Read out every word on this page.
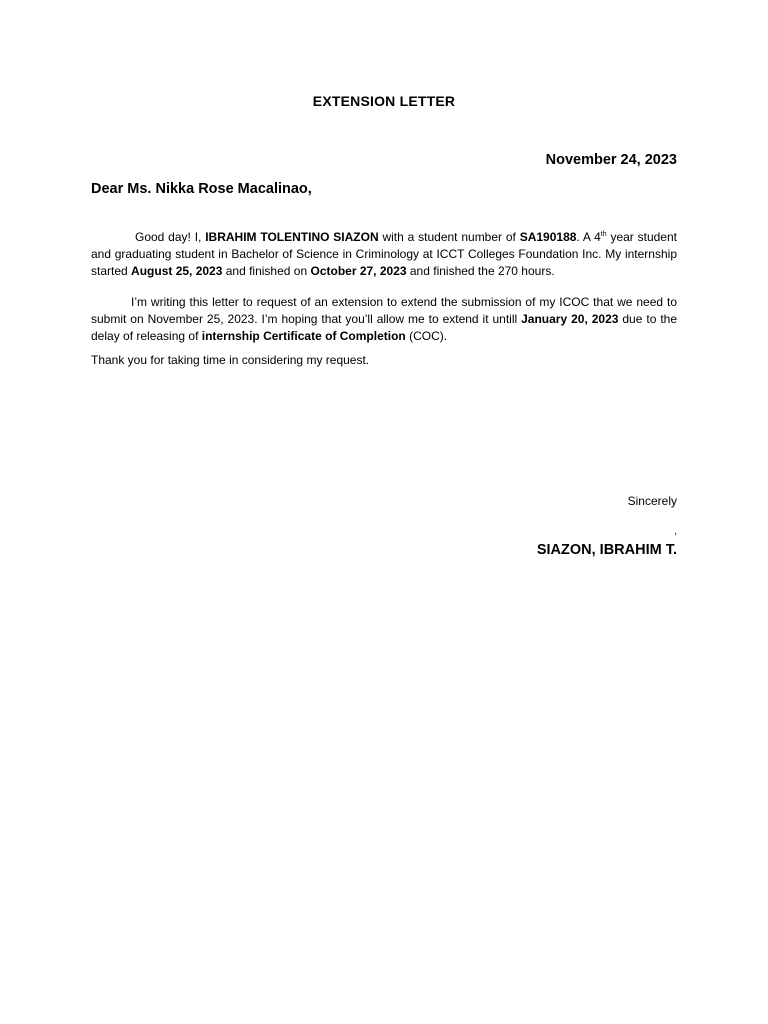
EXTENSION LETTER
November 24, 2023
Dear Ms. Nikka Rose Macalinao,

Good day! I, IBRAHIM TOLENTINO SIAZON with a student number of SA190188. A 4th year student and graduating student in Bachelor of Science in Criminology at ICCT Colleges Foundation Inc. My internship started August 25, 2023 and finished on October 27, 2023 and finished the 270 hours.

I’m writing this letter to request of an extension to extend the submission of my ICOC that we need to submit on November 25, 2023. I’m hoping that you’ll allow me to extend it untill January 20, 2023 due to the delay of releasing of internship Certificate of Completion (COC).

Thank you for taking time in considering my request.

Sincerely
,
SIAZON, IBRAHIM T.
